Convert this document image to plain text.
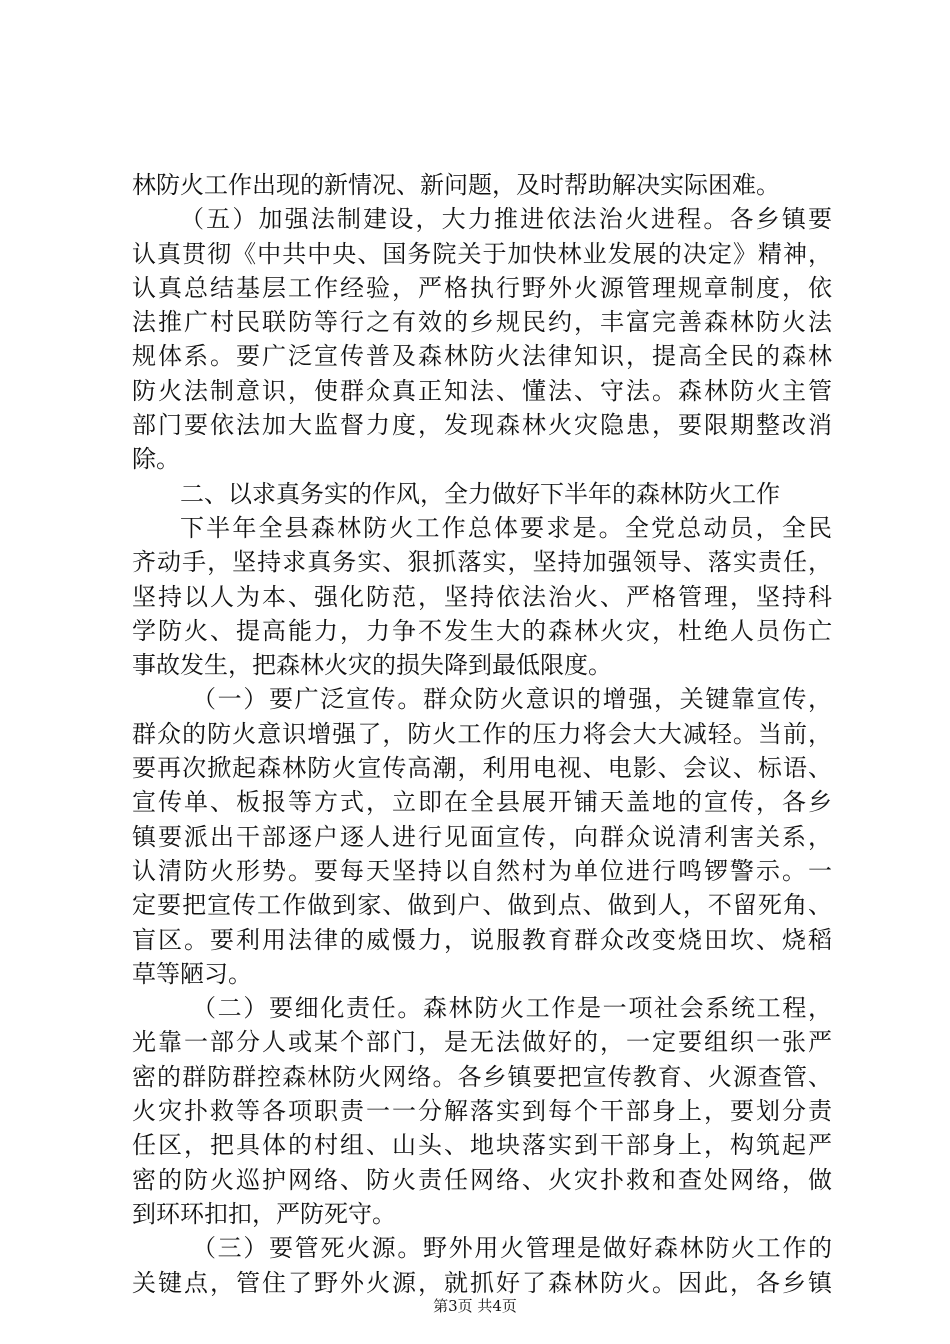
林防火工作出现的新情况、新问题，及时帮助解决实际困难。
（五）加强法制建设，大力推进依法治火进程。各乡镇要
认真贯彻《中共中央、国务院关于加快林业发展的决定》精神，
认真总结基层工作经验，严格执行野外火源管理规章制度，依
法推广村民联防等行之有效的乡规民约，丰富完善森林防火法
规体系。要广泛宣传普及森林防火法律知识，提高全民的森林
防火法制意识，使群众真正知法、懂法、守法。森林防火主管
部门要依法加大监督力度，发现森林火灾隐患，要限期整改消
除。
二、以求真务实的作风，全力做好下半年的森林防火工作
下半年全县森林防火工作总体要求是。全党总动员，全民
齐动手，坚持求真务实、狠抓落实，坚持加强领导、落实责任，
坚持以人为本、强化防范，坚持依法治火、严格管理，坚持科
学防火、提高能力，力争不发生大的森林火灾，杜绝人员伤亡
事故发生，把森林火灾的损失降到最低限度。
（一）要广泛宣传。群众防火意识的增强，关键靠宣传，
群众的防火意识增强了，防火工作的压力将会大大减轻。当前，
要再次掀起森林防火宣传高潮，利用电视、电影、会议、标语、
宣传单、板报等方式，立即在全县展开铺天盖地的宣传，各乡
镇要派出干部逐户逐人进行见面宣传，向群众说清利害关系，
认清防火形势。要每天坚持以自然村为单位进行鸣锣警示。一
定要把宣传工作做到家、做到户、做到点、做到人，不留死角、
盲区。要利用法律的威慑力，说服教育群众改变烧田坎、烧稻
草等陋习。
（二）要细化责任。森林防火工作是一项社会系统工程，
光靠一部分人或某个部门，是无法做好的，一定要组织一张严
密的群防群控森林防火网络。各乡镇要把宣传教育、火源查管、
火灾扑救等各项职责一一分解落实到每个干部身上，要划分责
任区，把具体的村组、山头、地块落实到干部身上，构筑起严
密的防火巡护网络、防火责任网络、火灾扑救和查处网络，做
到环环扣扣，严防死守。
（三）要管死火源。野外用火管理是做好森林防火工作的
关键点，管住了野外火源，就抓好了森林防火。因此，各乡镇
第3页 共4页
